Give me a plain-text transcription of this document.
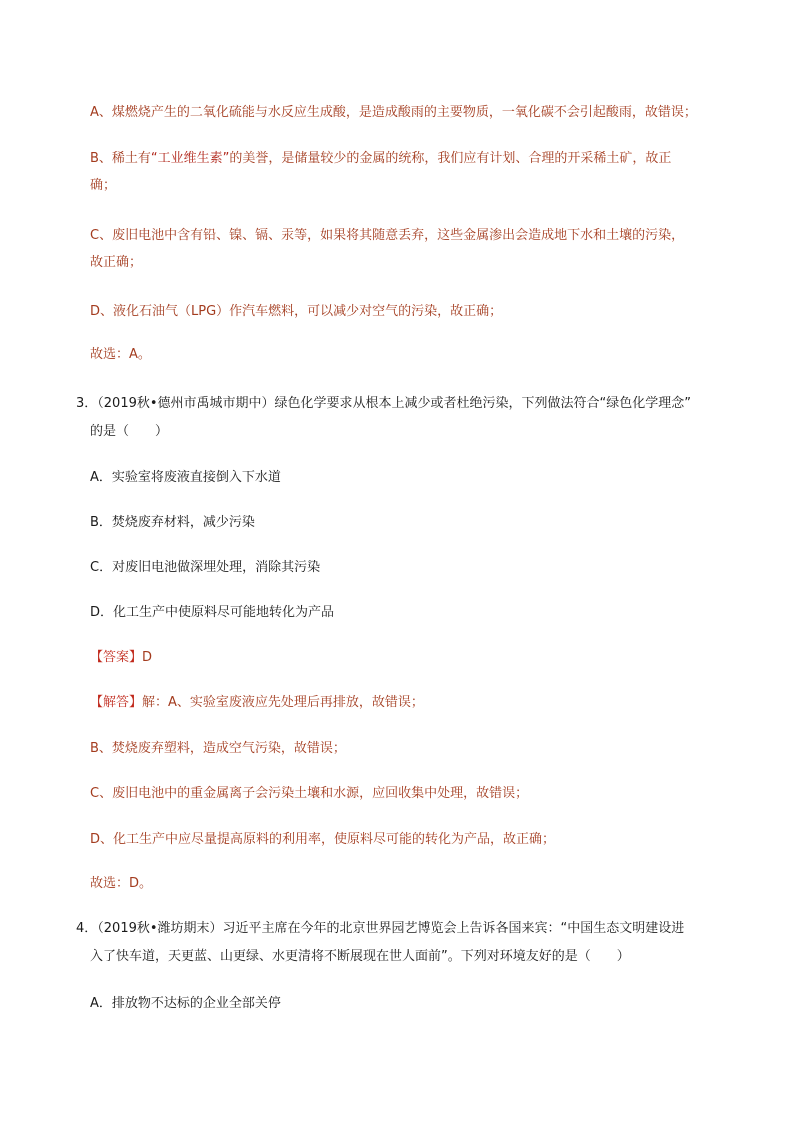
A、煤燃烧产生的二氧化硫能与水反应生成酸，是造成酸雨的主要物质，一氧化碳不会引起酸雨，故错误；
B、稀土有“工业维生素”的美誉，是储量较少的金属的统称，我们应有计划、合理的开采稀土矿，故正
确；
C、废旧电池中含有铅、镍、镉、汞等，如果将其随意丢弃，这些金属渗出会造成地下水和土壤的污染，
故正确；
D、液化石油气（LPG）作汽车燃料，可以减少对空气的污染，故正确；
故选：A。
3．（2019秋•德州市禹城市期中）绿色化学要求从根本上减少或者杜绝污染，下列做法符合“绿色化学理念”
的是（　　）
A．实验室将废液直接倒入下水道
B．焚烧废弃材料，减少污染
C．对废旧电池做深埋处理，消除其污染
D．化工生产中使原料尽可能地转化为产品
【答案】D
【解答】解：A、实验室废液应先处理后再排放，故错误；
B、焚烧废弃塑料，造成空气污染，故错误；
C、废旧电池中的重金属离子会污染土壤和水源，应回收集中处理，故错误；
D、化工生产中应尽量提高原料的利用率，使原料尽可能的转化为产品，故正确；
故选：D。
4．（2019秋•潍坊期末）习近平主席在今年的北京世界园艺博览会上告诉各国来宾：“中国生态文明建设进
入了快车道，天更蓝、山更绿、水更清将不断展现在世人面前”。下列对环境友好的是（　　）
A．排放物不达标的企业全部关停
